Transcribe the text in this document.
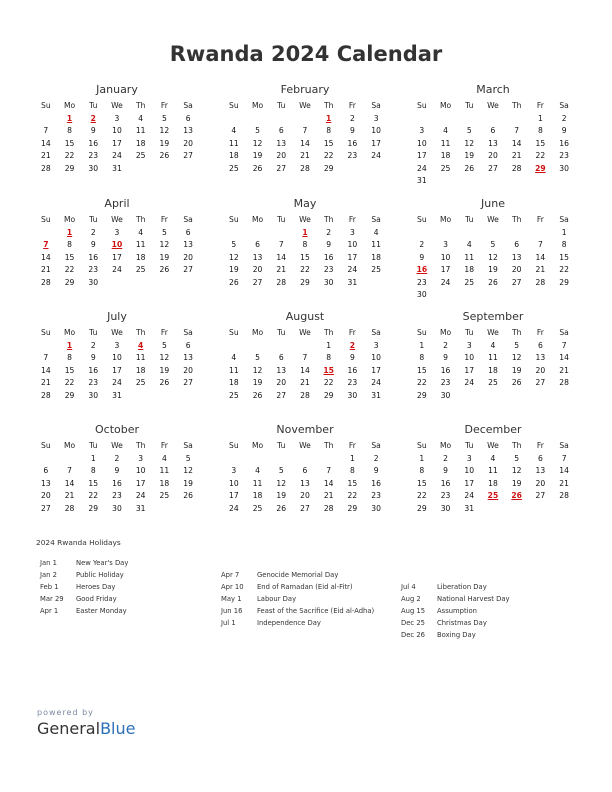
Rwanda 2024 Calendar
January
Su	Mo	Tu	We	Th	Fr	Sa
	1	2	3	4	5	6
7	8	9	10	11	12	13
14	15	16	17	18	19	20
21	22	23	24	25	26	27
28	29	30	31			
February
Su	Mo	Tu	We	Th	Fr	Sa
				1	2	3
4	5	6	7	8	9	10
11	12	13	14	15	16	17
18	19	20	21	22	23	24
25	26	27	28	29		
March
Su	Mo	Tu	We	Th	Fr	Sa
					1	2
3	4	5	6	7	8	9
10	11	12	13	14	15	16
17	18	19	20	21	22	23
24	25	26	27	28	29	30
31						
April
Su	Mo	Tu	We	Th	Fr	Sa
	1	2	3	4	5	6
7	8	9	10	11	12	13
14	15	16	17	18	19	20
21	22	23	24	25	26	27
28	29	30				
May
Su	Mo	Tu	We	Th	Fr	Sa
			1	2	3	4
5	6	7	8	9	10	11
12	13	14	15	16	17	18
19	20	21	22	23	24	25
26	27	28	29	30	31	
June
Su	Mo	Tu	We	Th	Fr	Sa
						1
2	3	4	5	6	7	8
9	10	11	12	13	14	15
16	17	18	19	20	21	22
23	24	25	26	27	28	29
30						
July
Su	Mo	Tu	We	Th	Fr	Sa
	1	2	3	4	5	6
7	8	9	10	11	12	13
14	15	16	17	18	19	20
21	22	23	24	25	26	27
28	29	30	31			
August
Su	Mo	Tu	We	Th	Fr	Sa
				1	2	3
4	5	6	7	8	9	10
11	12	13	14	15	16	17
18	19	20	21	22	23	24
25	26	27	28	29	30	31
September
Su	Mo	Tu	We	Th	Fr	Sa
1	2	3	4	5	6	7
8	9	10	11	12	13	14
15	16	17	18	19	20	21
22	23	24	25	26	27	28
29	30					
October
Su	Mo	Tu	We	Th	Fr	Sa
		1	2	3	4	5
6	7	8	9	10	11	12
13	14	15	16	17	18	19
20	21	22	23	24	25	26
27	28	29	30	31		
November
Su	Mo	Tu	We	Th	Fr	Sa
					1	2
3	4	5	6	7	8	9
10	11	12	13	14	15	16
17	18	19	20	21	22	23
24	25	26	27	28	29	30
December
Su	Mo	Tu	We	Th	Fr	Sa
1	2	3	4	5	6	7
8	9	10	11	12	13	14
15	16	17	18	19	20	21
22	23	24	25	26	27	28
29	30	31				
2024 Rwanda Holidays
Jan 1	New Year's Day
Jan 2	Public Holiday
Feb 1	Heroes Day
Mar 29 Good Friday
Apr 1	Easter Monday
Apr 7	Genocide Memorial Day
Apr 10 End of Ramadan (Eid al-Fitr)
May 1 Labour Day
Jun 16 Feast of the Sacrifice (Eid al-Adha)
Jul 1	Independence Day
Jul 4	Liberation Day
Aug 2 National Harvest Day
Aug 15 Assumption
Dec 25 Christmas Day
Dec 26 Boxing Day
powered by
GeneralBlue
